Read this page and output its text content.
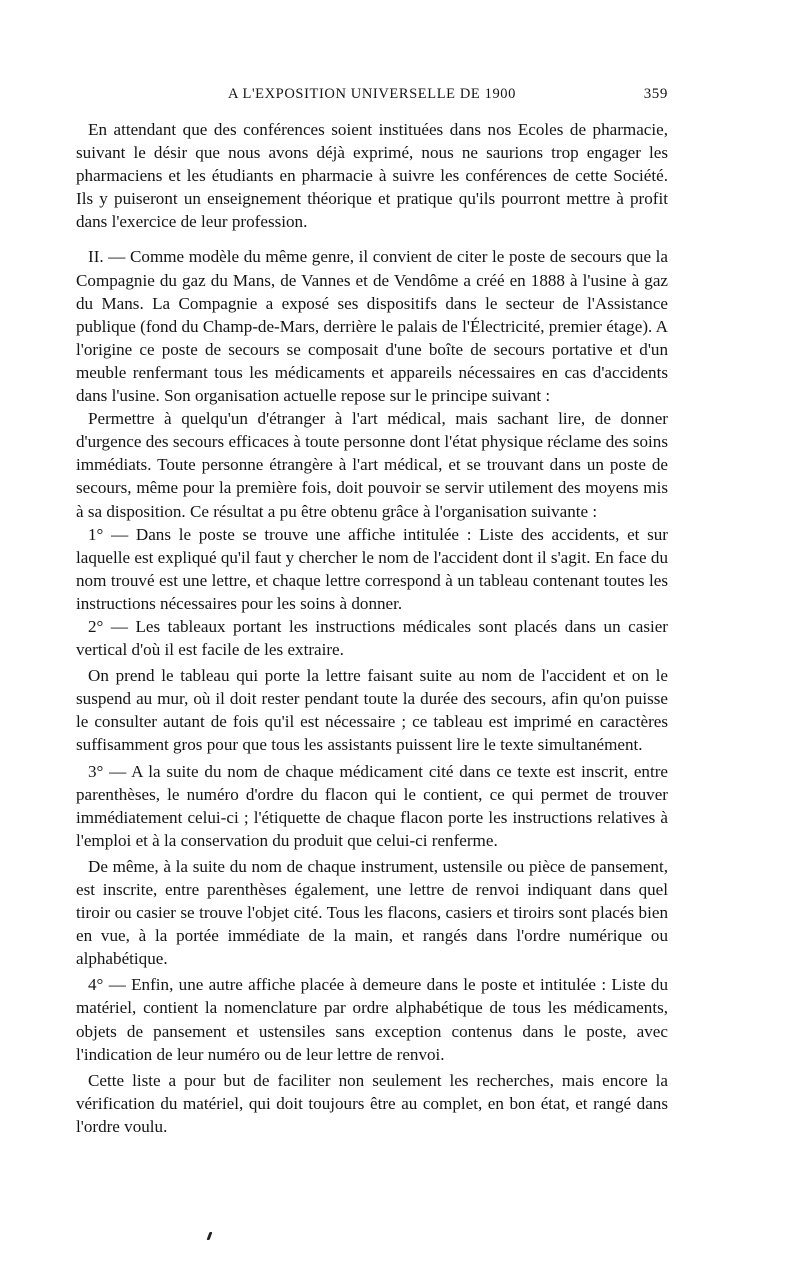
A L'EXPOSITION UNIVERSELLE DE 1900	359

En attendant que des conférences soient instituées dans nos Ecoles de pharmacie, suivant le désir que nous avons déjà exprimé, nous ne saurions trop engager les pharmaciens et les étudiants en pharmacie à suivre les conférences de cette Société. Ils y puiseront un enseignement théorique et pratique qu'ils pourront mettre à profit dans l'exercice de leur profession.

II. — Comme modèle du même genre, il convient de citer le poste de secours que la Compagnie du gaz du Mans, de Vannes et de Vendôme a créé en 1888 à l'usine à gaz du Mans. La Compagnie a exposé ses dispositifs dans le secteur de l'Assistance publique (fond du Champ-de-Mars, derrière le palais de l'Électricité, premier étage). A l'origine ce poste de secours se composait d'une boîte de secours portative et d'un meuble renfermant tous les médicaments et appareils nécessaires en cas d'accidents dans l'usine. Son organisation actuelle repose sur le principe suivant :

Permettre à quelqu'un d'étranger à l'art médical, mais sachant lire, de donner d'urgence des secours efficaces à toute personne dont l'état physique réclame des soins immédiats. Toute personne étrangère à l'art médical, et se trouvant dans un poste de secours, même pour la première fois, doit pouvoir se servir utilement des moyens mis à sa disposition. Ce résultat a pu être obtenu grâce à l'organisation suivante :

1° — Dans le poste se trouve une affiche intitulée : Liste des accidents, et sur laquelle est expliqué qu'il faut y chercher le nom de l'accident dont il s'agit. En face du nom trouvé est une lettre, et chaque lettre correspond à un tableau contenant toutes les instructions nécessaires pour les soins à donner.

2° — Les tableaux portant les instructions médicales sont placés dans un casier vertical d'où il est facile de les extraire.

On prend le tableau qui porte la lettre faisant suite au nom de l'accident et on le suspend au mur, où il doit rester pendant toute la durée des secours, afin qu'on puisse le consulter autant de fois qu'il est nécessaire ; ce tableau est imprimé en caractères suffisamment gros pour que tous les assistants puissent lire le texte simultanément.

3° — A la suite du nom de chaque médicament cité dans ce texte est inscrit, entre parenthèses, le numéro d'ordre du flacon qui le contient, ce qui permet de trouver immédiatement celui-ci ; l'étiquette de chaque flacon porte les instructions relatives à l'emploi et à la conservation du produit que celui-ci renferme.

De même, à la suite du nom de chaque instrument, ustensile ou pièce de pansement, est inscrite, entre parenthèses également, une lettre de renvoi indiquant dans quel tiroir ou casier se trouve l'objet cité. Tous les flacons, casiers et tiroirs sont placés bien en vue, à la portée immédiate de la main, et rangés dans l'ordre numérique ou alphabétique.

4° — Enfin, une autre affiche placée à demeure dans le poste et intitulée : Liste du matériel, contient la nomenclature par ordre alphabétique de tous les médicaments, objets de pansement et ustensiles sans exception contenus dans le poste, avec l'indication de leur numéro ou de leur lettre de renvoi.

Cette liste a pour but de faciliter non seulement les recherches, mais encore la vérification du matériel, qui doit toujours être au complet, en bon état, et rangé dans l'ordre voulu.
